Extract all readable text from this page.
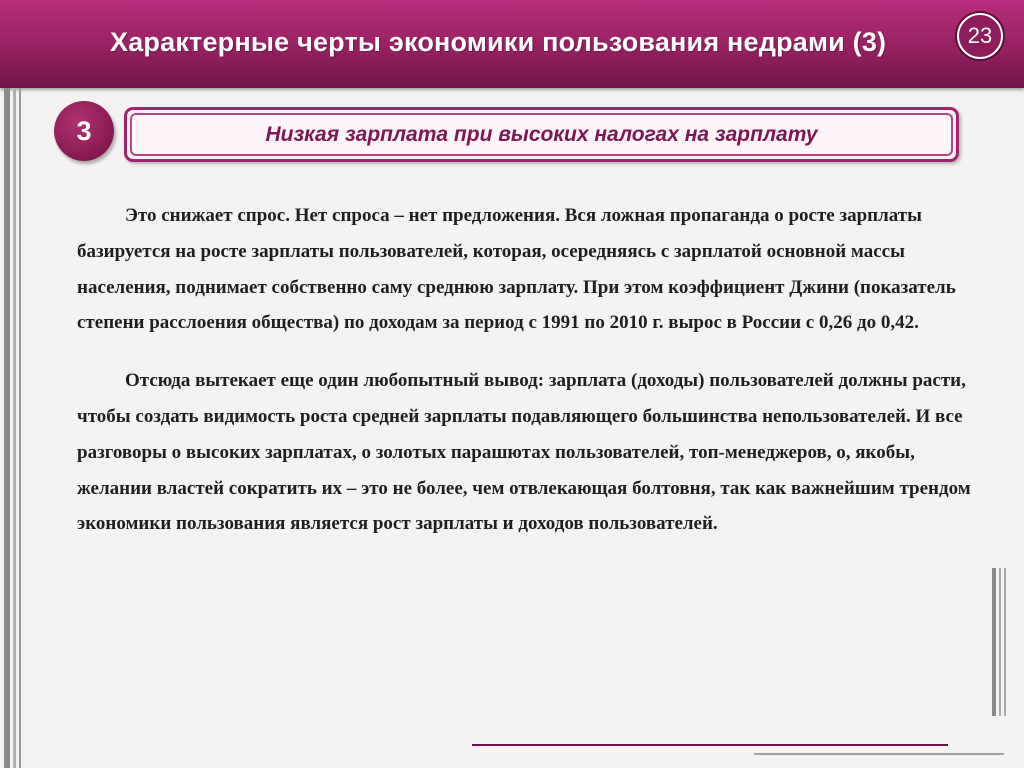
Характерные черты экономики пользования недрами (3)	23
3	Низкая зарплата при высоких налогах на зарплату

Это снижает спрос. Нет спроса – нет предложения. Вся ложная пропаганда о росте зарплаты базируется на росте зарплаты пользователей, которая, осередняясь с зарплатой основной массы населения, поднимает собственно саму среднюю зарплату. При этом коэффициент Джини (показатель степени расслоения общества) по доходам за период с 1991 по 2010 г. вырос в России с 0,26 до 0,42.

Отсюда вытекает еще один любопытный вывод: зарплата (доходы) пользователей должны расти, чтобы создать видимость роста средней зарплаты подавляющего большинства непользователей. И все разговоры о высоких зарплатах, о золотых парашютах пользователей, топ-менеджеров, о, якобы, желании властей сократить их – это не более, чем отвлекающая болтовня, так как важнейшим трендом экономики пользования является рост зарплаты и доходов пользователей.
